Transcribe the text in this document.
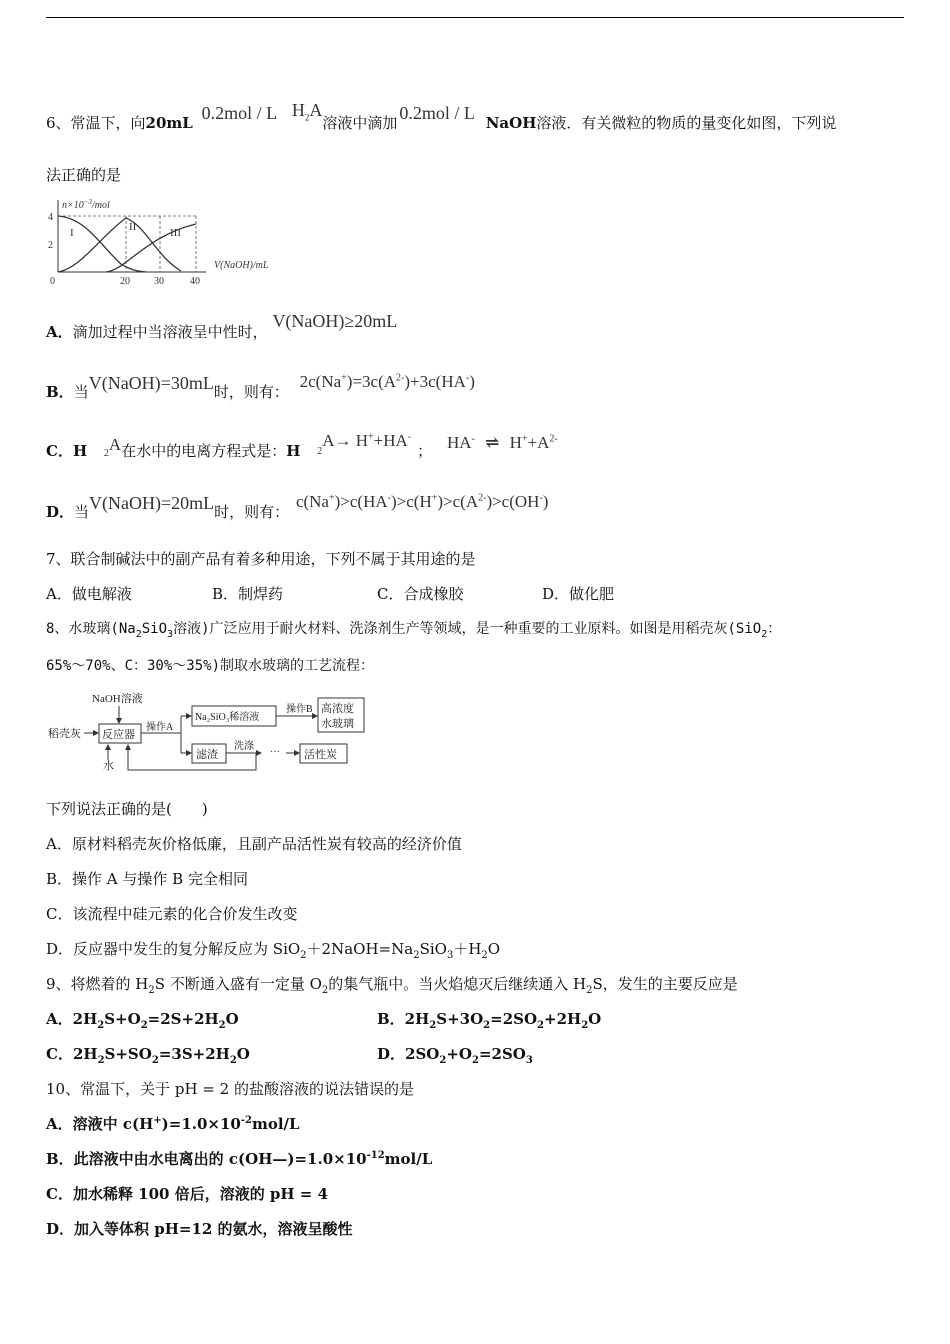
6、常温下，向20mL 0.2mol / L $H_2A$溶液中滴加 0.2mol / L NaOH溶液．有关微粒的物质的量变化如图，下列说
法正确的是
$n\times 10^{-3}$/mol
4
2
0	20 30	40
V(NaOH)/mL
I	II	III
A．滴加过程中当溶液呈中性时， V(NaOH)≥20mL
B．当V(NaOH)=30mL时，则有： $2c(Na^+)=3c(A^{2-})+3c(HA^-)$
C．H $_2$A在水中的电离方程式是：H $_2$A→ H++HA-； HA- ⇌ $H^++A^{2-}$
D．当V(NaOH)=20mL时，则有： $c(Na^+)>c(HA^-)>c(H^+)>c(A^{2-})>c(OH^-)$
7、联合制碱法中的副产品有着多种用途，下列不属于其用途的是
A．做电解液	B．制焊药	C．合成橡胶	D．做化肥
8、水玻璃($Na_2SiO_3$溶液)广泛应用于耐火材料、洗涤剂生产等领域，是一种重要的工业原料。如图是用稻壳灰(SiO$_2$：
65%～70%、C：30%～35%)制取水玻璃的工艺流程：
NaOH溶液
稻壳灰 反应器
水
操作A
Na₂SiO₃稀溶液
操作B 高浓度
水玻璃
滤渣
洗涤
··· 活性炭
下列说法正确的是(　　)
A．原材料稻壳灰价格低廉，且副产品活性炭有较高的经济价值
B．操作 A 与操作 B 完全相同
C．该流程中硅元素的化合价发生改变
D．反应器中发生的复分解反应为 $SiO_2+2NaOH=Na_2SiO_3+H_2O$
9、将燃着的 $H_2S$ 不断通入盛有一定量 $O_2$的集气瓶中。当火焰熄灭后继续通入 $H_2S$，发生的主要反应是
A．$2H_2S+O_2=2S+2H_2O$	B．$2H_2S+3O_2=2SO_2+2H_2O$
C．$2H_2S+SO_2=3S+2H_2O$	D．$2SO_2+O_2=2SO_3$
10、常温下，关于 pH = 2 的盐酸溶液的说法错误的是
A．溶液中 $c(H^+)=1.0\times 10^{-2}mol/L$
B．此溶液中由水电离出的 $c(OH—)=1.0\times 10^{-12}mol/L$
C．加水稀释 100 倍后，溶液的 pH = 4
D．加入等体积 pH=12 的氨水，溶液呈酸性
